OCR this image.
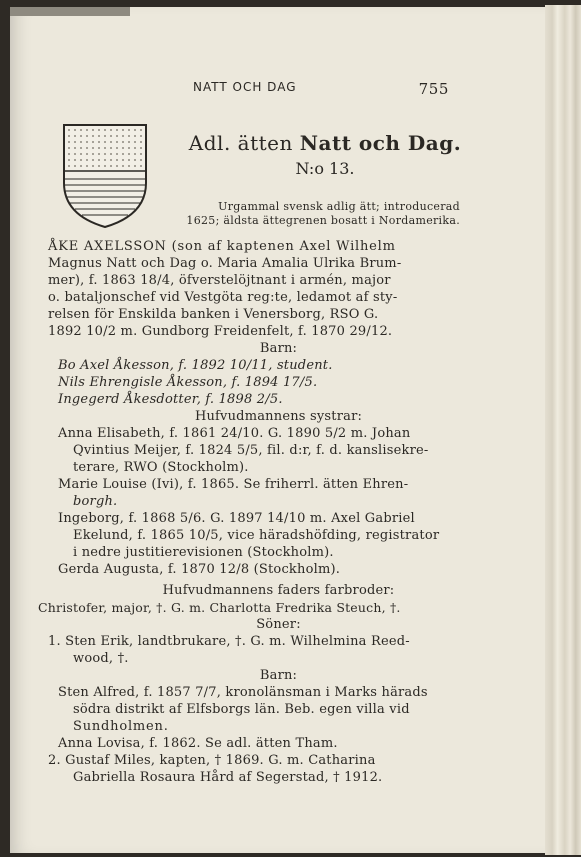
NATT OCH DAG	755
Adl. ätten Natt och Dag.
N:o 13.
Urgammal svensk adlig ätt; introducerad
1625; äldsta ättegrenen bosatt i Nordamerika.
ÅKE AXELSSON (son af kaptenen Axel Wilhelm
Magnus Natt och Dag o. Maria Amalia Ulrika Brum-
mer), f. 1863 18/4, öfverstelöjtnant i armén, major
o. bataljonschef vid Vestgöta reg:te, ledamot af sty-
relsen för Enskilda banken i Venersborg, RSO G.
1892 10/2 m. Gundborg Freidenfelt, f. 1870 29/12.
Barn:
Bo Axel Åkesson, f. 1892 10/11, student.
Nils Ehrengisle Åkesson, f. 1894 17/5.
Ingegerd Åkesdotter, f. 1898 2/5.
Hufvudmannens systrar:
Anna Elisabeth, f. 1861 24/10. G. 1890 5/2 m. Johan
Qvintius Meijer, f. 1824 5/5, fil. d:r, f. d. kanslisekre-
terare, RWO (Stockholm).
Marie Louise (Ivi), f. 1865. Se friherrl. ätten Ehren-
borgh.
Ingeborg, f. 1868 5/6. G. 1897 14/10 m. Axel Gabriel
Ekelund, f. 1865 10/5, vice häradshöfding, registrator
i nedre justitierevisionen (Stockholm).
Gerda Augusta, f. 1870 12/8 (Stockholm).
Hufvudmannens faders farbroder:
Christofer, major, †. G. m. Charlotta Fredrika Steuch, †.
Söner:
1. Sten Erik, landtbrukare, †. G. m. Wilhelmina Reed-
wood, †.
Barn:
Sten Alfred, f. 1857 7/7, kronolänsman i Marks härads
södra distrikt af Elfsborgs län. Beb. egen villa vid
Sundholmen.
Anna Lovisa, f. 1862. Se adl. ätten Tham.
2. Gustaf Miles, kapten, † 1869. G. m. Catharina
Gabriella Rosaura Hård af Segerstad, † 1912.
